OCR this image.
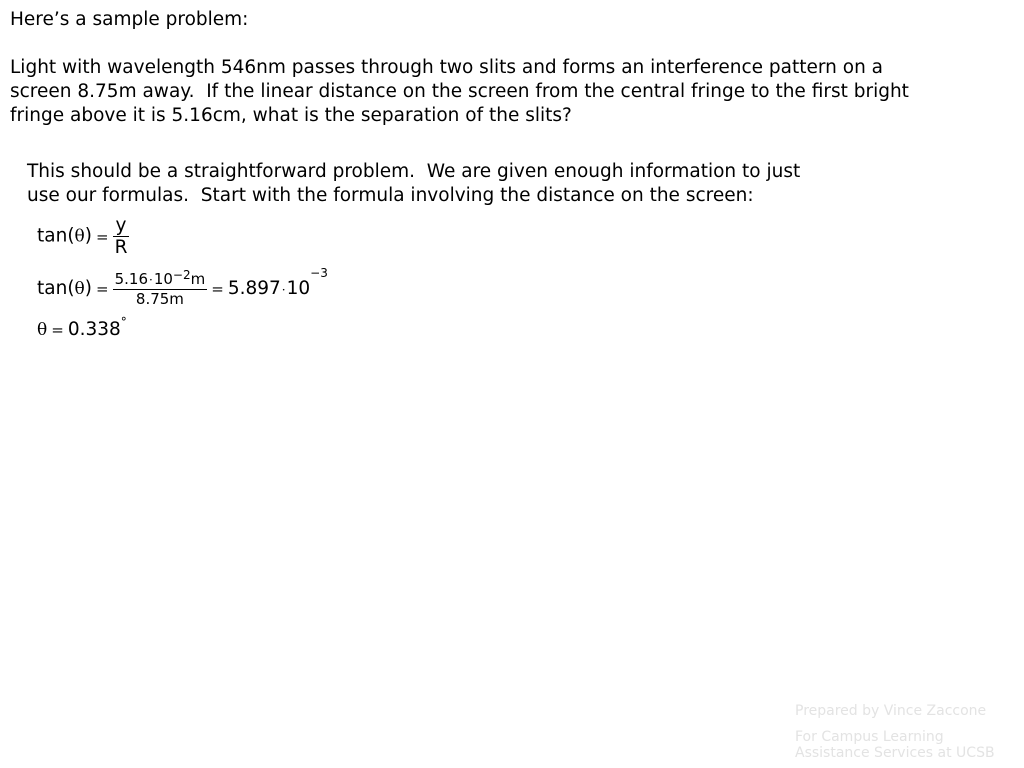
Here’s a sample problem:
Light with wavelength 546nm passes through two slits and forms an interference pattern on a
screen 8.75m away.  If the linear distance on the screen from the central fringe to the first bright
fringe above it is 5.16cm, what is the separation of the slits?
This should be a straightforward problem.  We are given enough information to just
use our formulas.  Start with the formula involving the distance on the screen:
$\tan(\theta) = \frac{y}{R}$
$\tan(\theta) = \frac{5.16\cdot 10^{-2}m}{8.75m} = 5.897\cdot 10^{-3}$
θ = 0.338°
Prepared by Vince Zaccone
For Campus Learning
Assistance Services at UCSB
